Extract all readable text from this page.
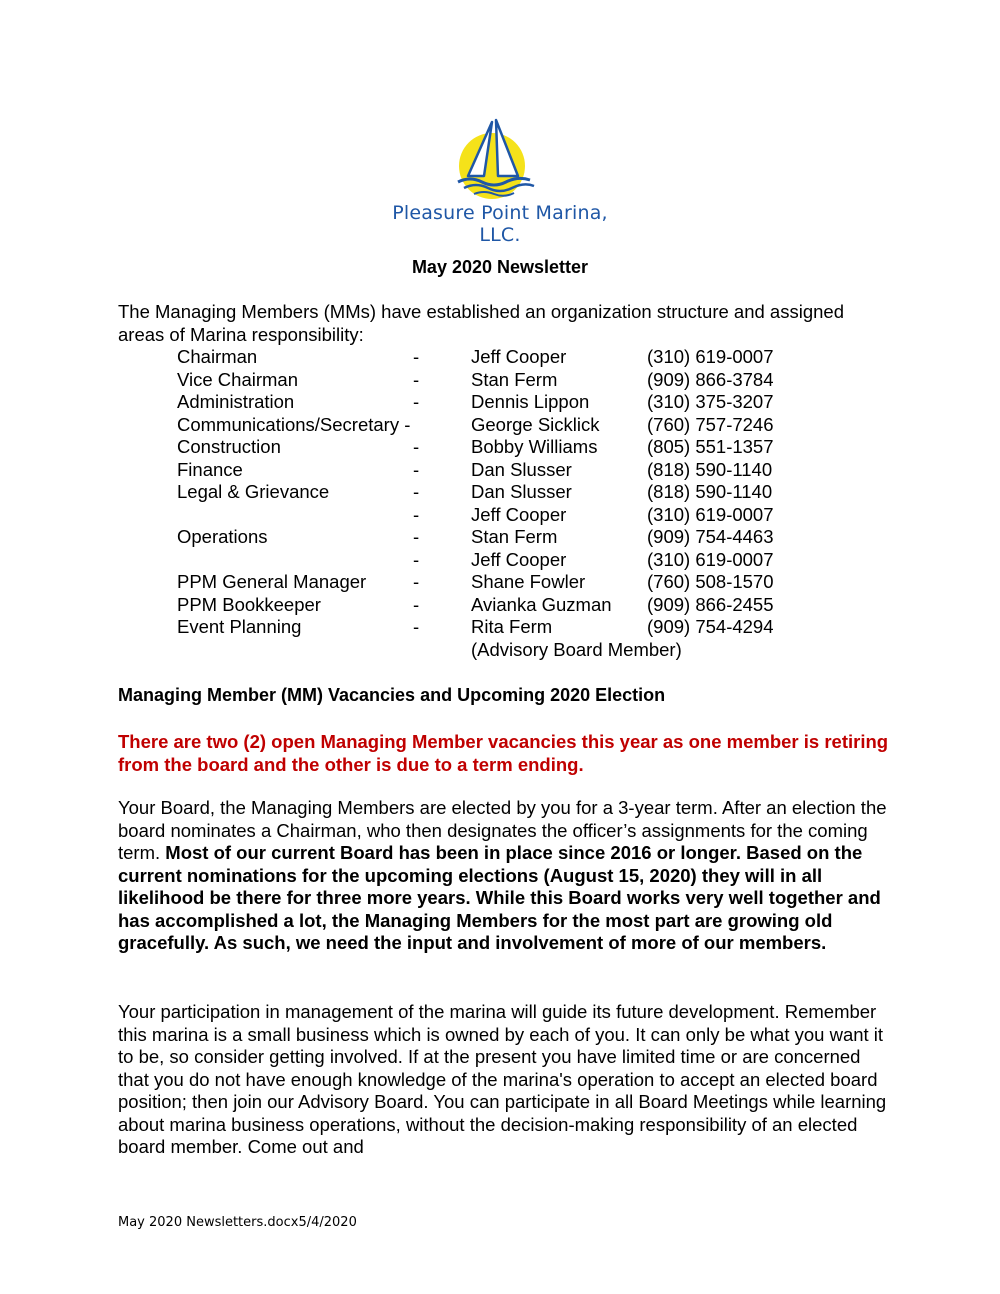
Pleasure Point Marina, LLC.
May 2020 Newsletter
The Managing Members (MMs) have established an organization structure and assigned areas of Marina responsibility:
Chairman	-	Jeff Cooper	(310) 619-0007
Vice Chairman	-	Stan Ferm	(909) 866-3784
Administration	-	Dennis Lippon	(310) 375-3207
Communications/Secretary -	George Sicklick	(760) 757-7246
Construction	-	Bobby Williams	(805) 551-1357
Finance	-	Dan Slusser	(818) 590-1140
Legal & Grievance	-	Dan Slusser	(818) 590-1140
-	Jeff Cooper	(310) 619-0007
Operations	-	Stan Ferm	(909) 754-4463
-	Jeff Cooper	(310) 619-0007
PPM General Manager	-	Shane Fowler	(760) 508-1570
PPM Bookkeeper	-	Avianka Guzman (909) 866-2455
Event Planning	-	Rita Ferm	(909) 754-4294
(Advisory Board Member)
Managing Member (MM) Vacancies and Upcoming 2020 Election
There are two (2) open Managing Member vacancies this year as one member is retiring from the board and the other is due to a term ending.
Your Board, the Managing Members are elected by you for a 3-year term. After an election the board nominates a Chairman, who then designates the officer’s assignments for the coming term. Most of our current Board has been in place since 2016 or longer. Based on the current nominations for the upcoming elections (August 15, 2020) they will in all likelihood be there for three more years. While this Board works very well together and has accomplished a lot, the Managing Members for the most part are growing old gracefully. As such, we need the input and involvement of more of our members.
Your participation in management of the marina will guide its future development. Remember this marina is a small business which is owned by each of you. It can only be what you want it to be, so consider getting involved. If at the present you have limited time or are concerned that you do not have enough knowledge of the marina's operation to accept an elected board position; then join our Advisory Board. You can participate in all Board Meetings while learning about marina business operations, without the decision-making responsibility of an elected board member. Come out and
May 2020 Newsletters.docx5/4/2020
